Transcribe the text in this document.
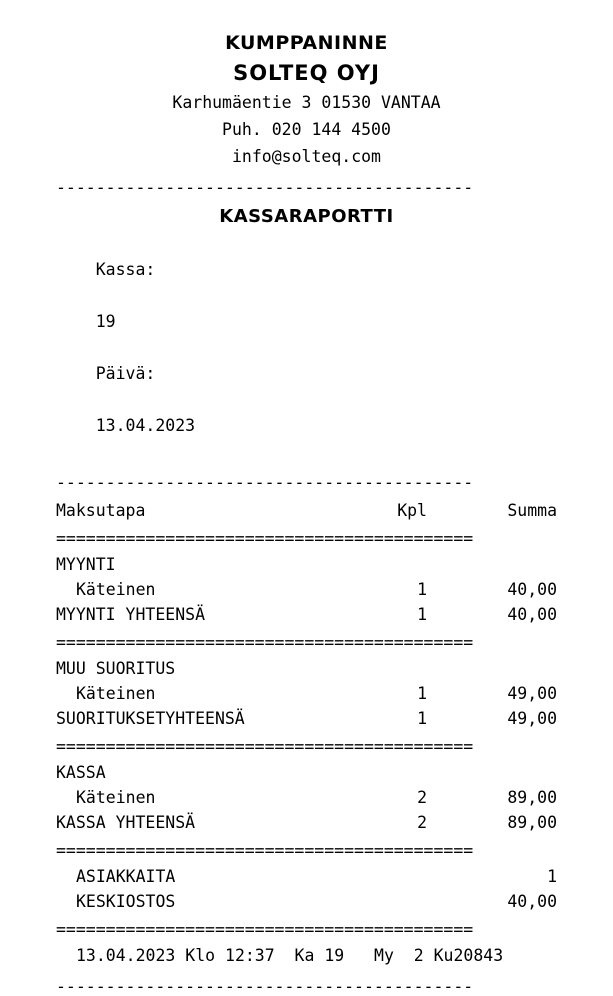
KUMPPANINNE
SOLTEQ OYJ
Karhumäentie 3 01530 VANTAA
Puh. 020 144 4500
info@solteq.com
------------------------------------------
KASSARAPORTTI

Kassa:

19

Päivä:

13.04.2023

------------------------------------------
Maksutapa	Kpl	Summa
==========================================
MYYNTI
Käteinen	1	40,00
MYYNTI YHTEENSÄ	1	40,00
==========================================
MUU SUORITUS
Käteinen	1	49,00
SUORITUKSETYHTEENSÄ	1	49,00
==========================================
KASSA
Käteinen	2	89,00
KASSA YHTEENSÄ	2	89,00
==========================================
ASIAKKAITA	1
KESKIOSTOS	40,00
==========================================
13.04.2023 Klo 12:37  Ka 19   My  2 Ku20843
------------------------------------------
